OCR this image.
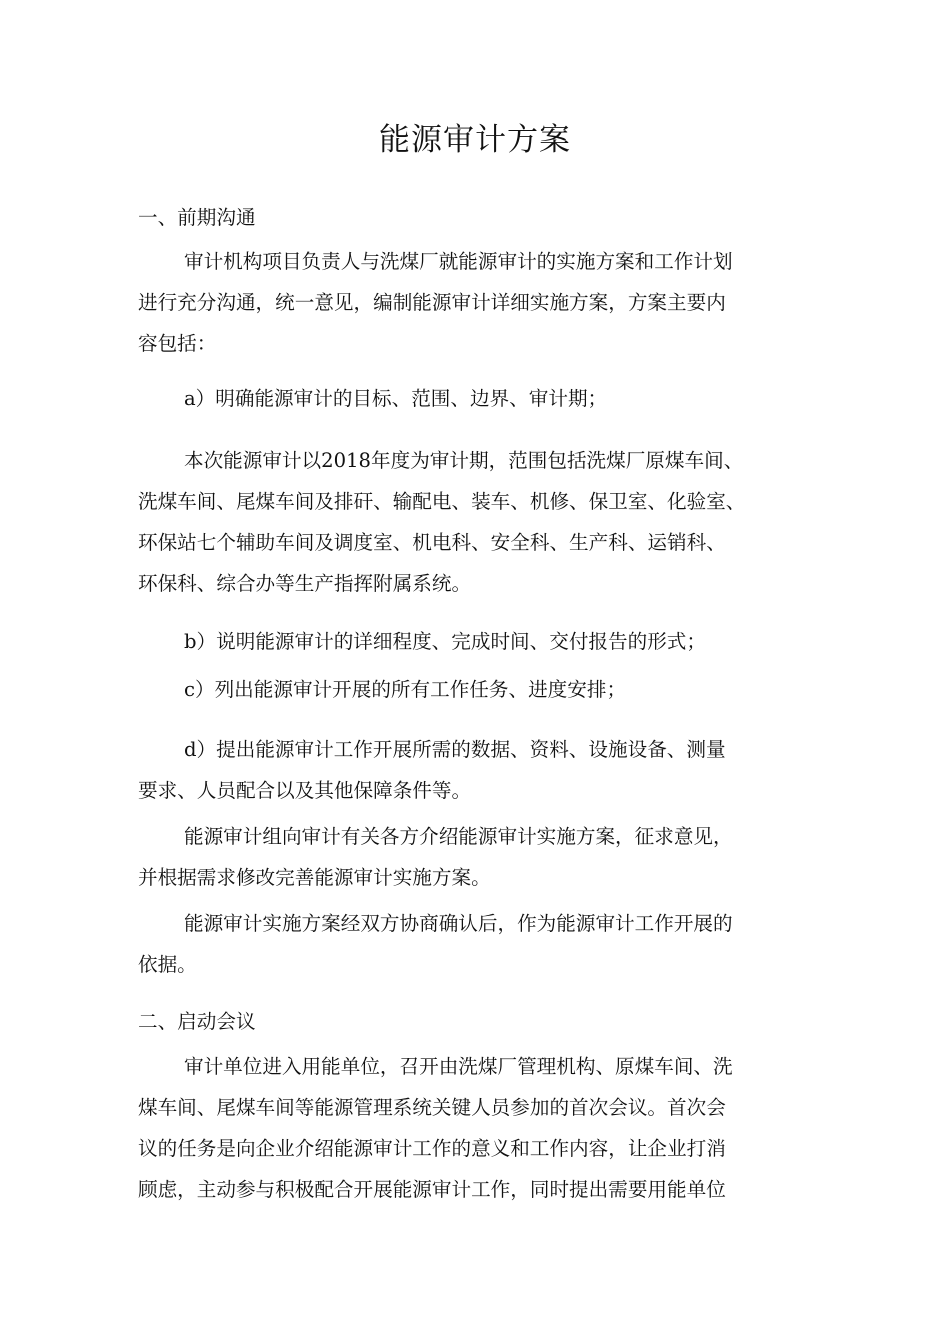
能源审计方案
一、前期沟通
审计机构项目负责人与洗煤厂就能源审计的实施方案和工作计划
进行充分沟通，统一意见，编制能源审计详细实施方案，方案主要内
容包括：
a）明确能源审计的目标、范围、边界、审计期；
本次能源审计以2018年度为审计期，范围包括洗煤厂原煤车间、
洗煤车间、尾煤车间及排矸、输配电、装车、机修、保卫室、化验室、
环保站七个辅助车间及调度室、机电科、安全科、生产科、运销科、
环保科、综合办等生产指挥附属系统。
b）说明能源审计的详细程度、完成时间、交付报告的形式；
c）列出能源审计开展的所有工作任务、进度安排；
d）提出能源审计工作开展所需的数据、资料、设施设备、测量
要求、人员配合以及其他保障条件等。
能源审计组向审计有关各方介绍能源审计实施方案，征求意见，
并根据需求修改完善能源审计实施方案。
能源审计实施方案经双方协商确认后，作为能源审计工作开展的
依据。
二、启动会议
审计单位进入用能单位，召开由洗煤厂管理机构、原煤车间、洗
煤车间、尾煤车间等能源管理系统关键人员参加的首次会议。首次会
议的任务是向企业介绍能源审计工作的意义和工作内容，让企业打消
顾虑，主动参与积极配合开展能源审计工作，同时提出需要用能单位
